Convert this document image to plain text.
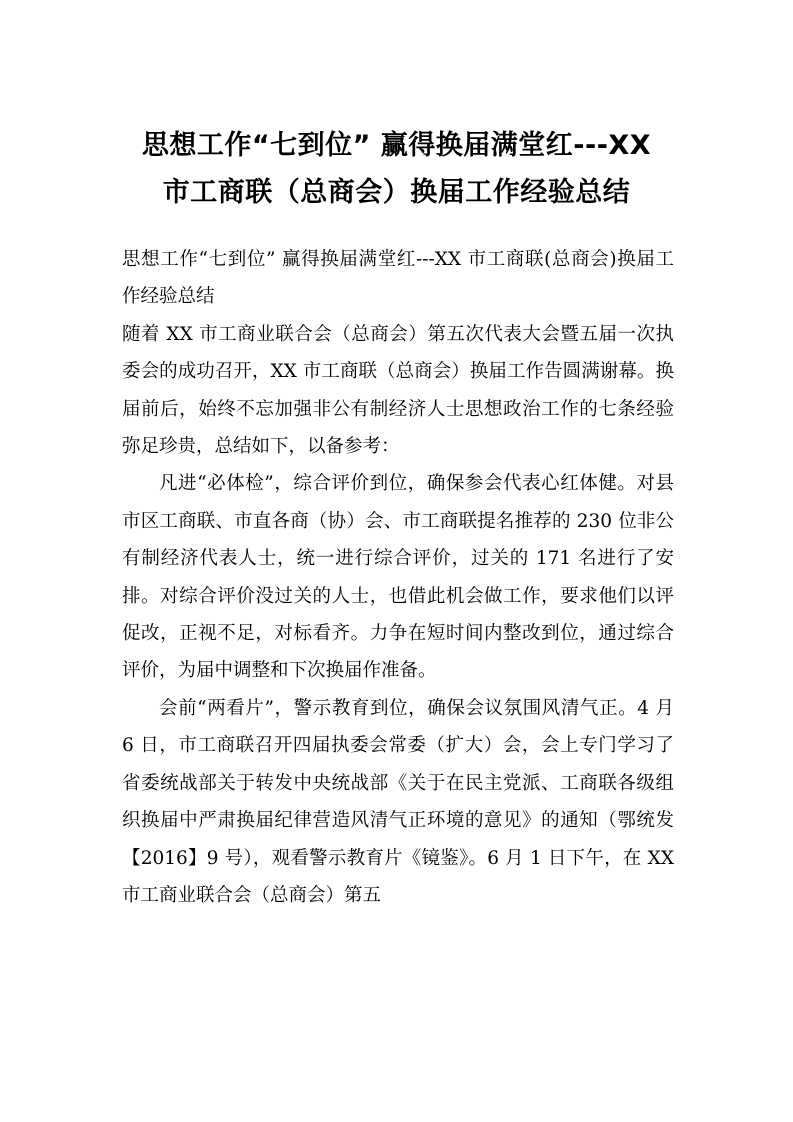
思想工作“七到位” 赢得换届满堂红---XX
市工商联（总商会）换届工作经验总结

思想工作“七到位” 赢得换届满堂红---XX 市工商联(总商会)换届工作经验总结

随着 XX 市工商业联合会（总商会）第五次代表大会暨五届一次执委会的成功召开，XX 市工商联（总商会）换届工作告圆满谢幕。换届前后，始终不忘加强非公有制经济人士思想政治工作的七条经验弥足珍贵，总结如下，以备参考：

凡进“必体检”，综合评价到位，确保参会代表心红体健。对县市区工商联、市直各商（协）会、市工商联提名推荐的 230 位非公有制经济代表人士，统一进行综合评价，过关的 171 名进行了安排。对综合评价没过关的人士，也借此机会做工作，要求他们以评促改，正视不足，对标看齐。力争在短时间内整改到位，通过综合评价，为届中调整和下次换届作准备。

会前“两看片”，警示教育到位，确保会议氛围风清气正。4 月 6 日，市工商联召开四届执委会常委（扩大）会，会上专门学习了省委统战部关于转发中央统战部《关于在民主党派、工商联各级组织换届中严肃换届纪律营造风清气正环境的意见》的通知（鄂统发【2016】9 号），观看警示教育片《镜鉴》。6 月 1 日下午，在 XX 市工商业联合会（总商会）第五
